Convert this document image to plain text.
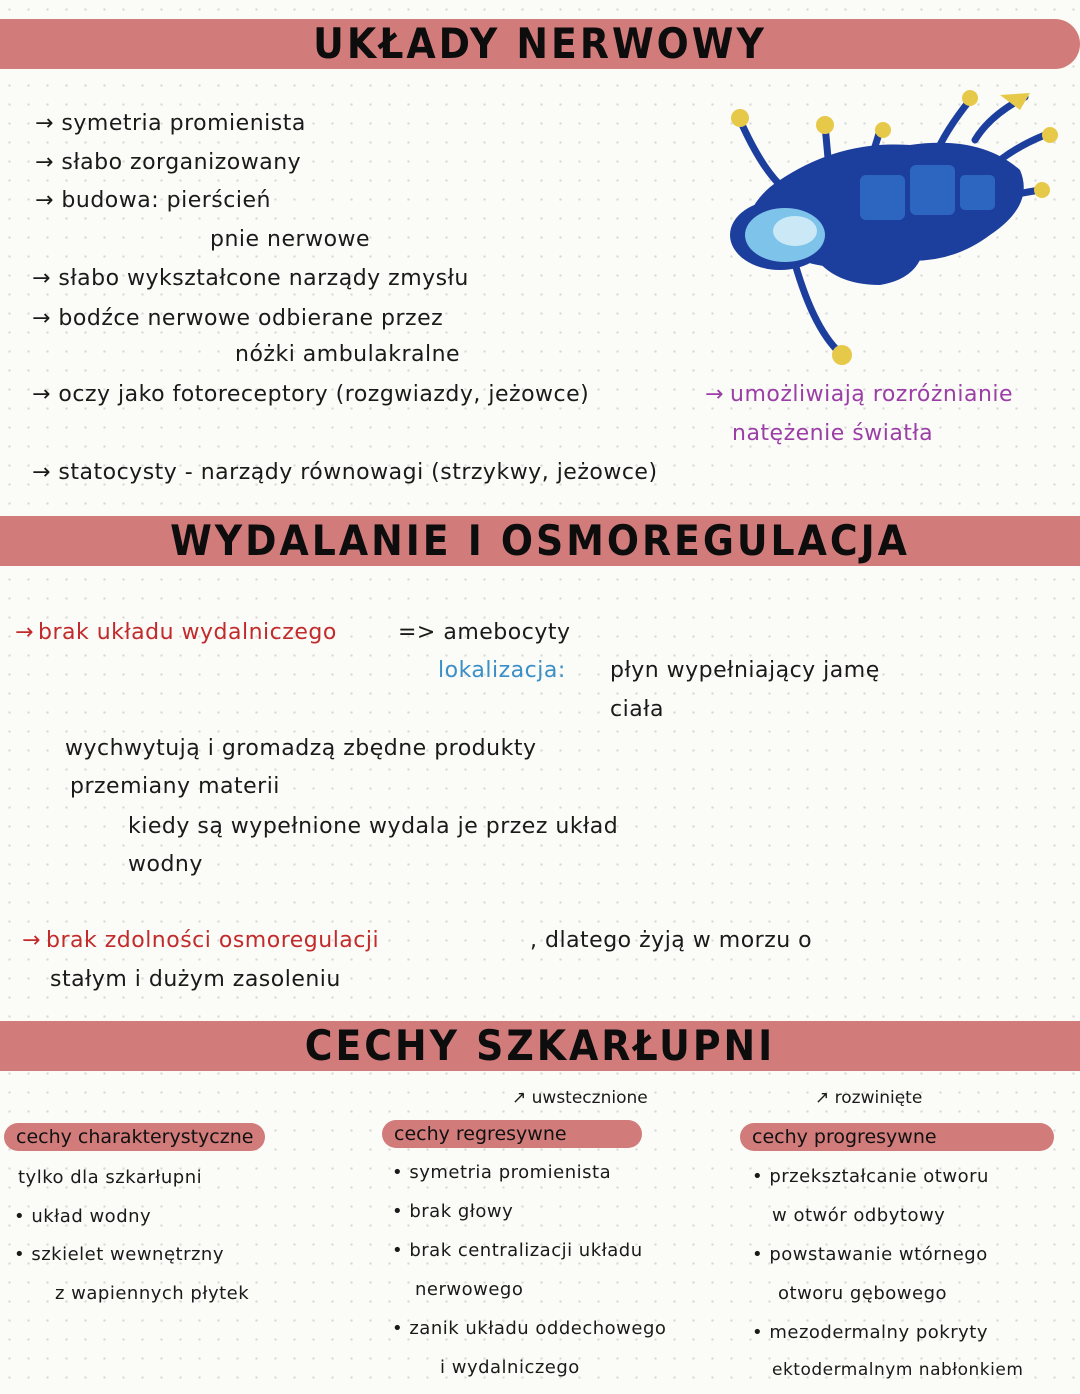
UKŁADY NERWOWY
→ symetria promienista
→ słabo zorganizowany
→ budowa: pierścień
pnie nerwowe
→ słabo wykształcone narządy zmysłu
→ bodźce nerwowe odbierane przez
nóżki ambulakralne
→ oczy jako fotoreceptory (rozgwiazdy, jeżowce)	→ umożliwiają rozróżnianie
natężenie światła
→ statocysty - narządy równowagi (strzykwy, jeżowce)
WYDALANIE I OSMOREGULACJA
→ brak układu wydalniczego	=> amebocyty
lokalizacja: płyn wypełniający jamę
ciała
wychwytują i gromadzą zbędne produkty
przemiany materii
kiedy są wypełnione wydala je przez układ
wodny
→ brak zdolności osmoregulacji	, dlatego żyją w morzu o
stałym i dużym zasoleniu
CECHY SZKARŁUPNI
cechy charakterystyczne
tylko dla szkarłupni
• układ wodny
• szkielet wewnętrzny
z wapiennych płytek
↗ uwstecznione
cechy regresywne
• symetria promienista
• brak głowy
• brak centralizacji układu
nerwowego
• zanik układu oddechowego
i wydalniczego
↗ rozwinięte
cechy progresywne
• przekształcanie otworu
w otwór odbytowy
• powstawanie wtórnego
otworu gębowego
• mezodermalny pokryty
ektodermalnym nabłonkiem
